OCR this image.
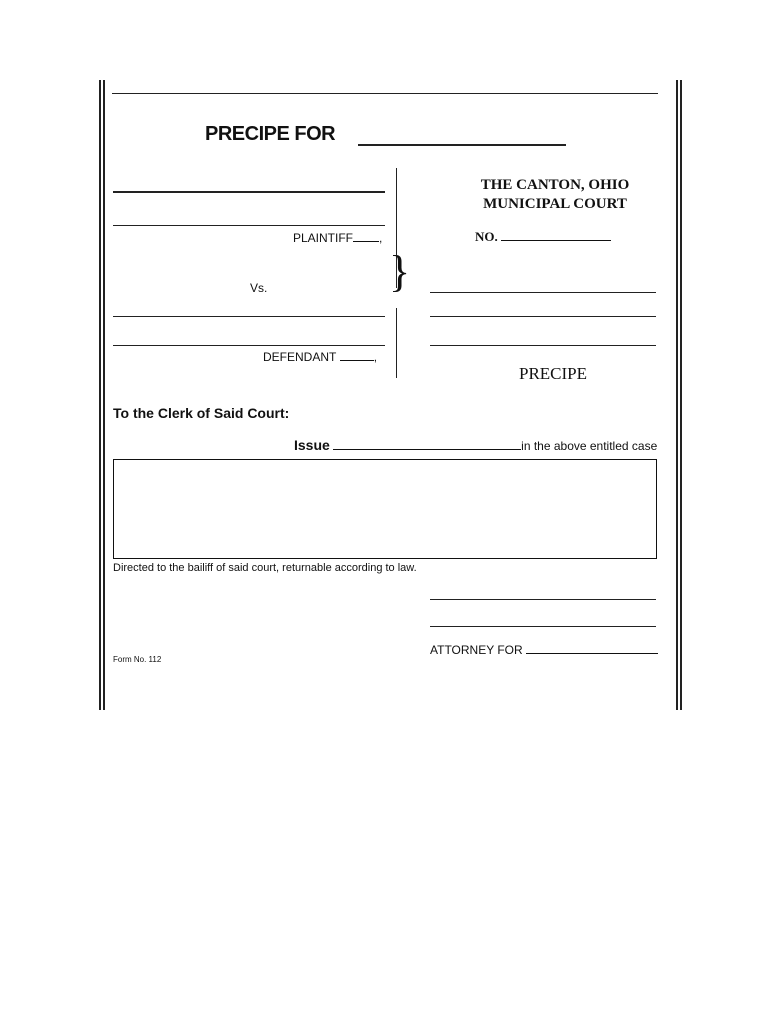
PRECIPE FOR
}
PLAINTIFF ,
Vs.
DEFENDANT	,
THE CANTON, OHIO
MUNICIPAL COURT
NO.
PRECIPE
To the Clerk of Said Court:
Issue	in the above entitled case
Directed to the bailiff of said court, returnable according to law.
ATTORNEY FOR
Form No. 112
